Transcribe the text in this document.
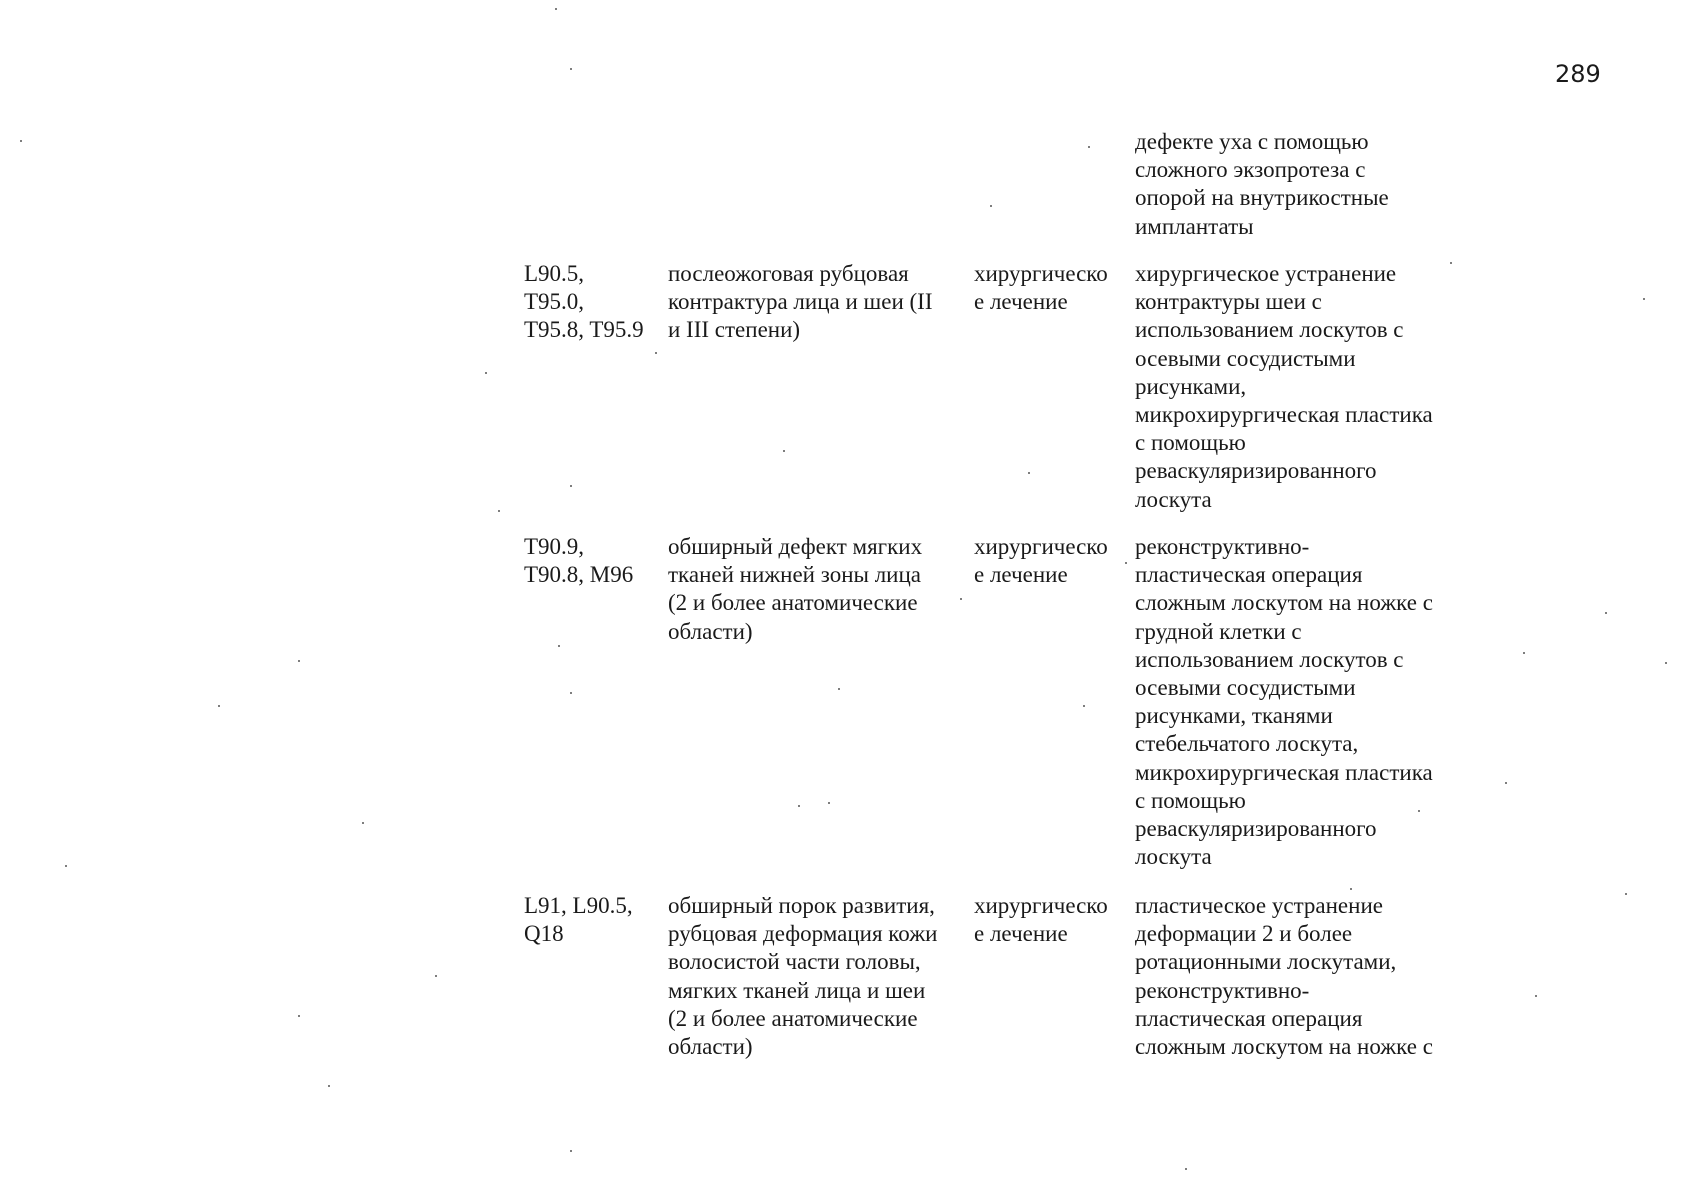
289
дефекте уха с помощью
сложного экзопротеза с
опорой на внутрикостные
имплантаты
L90.5,
T95.0,
T95.8, T95.9
послеожоговая рубцовая
контрактура лица и шеи (II
и III степени)
хирургическо
е лечение
хирургическое устранение
контрактуры шеи с
использованием лоскутов с
осевыми сосудистыми
рисунками,
микрохирургическая пластика
с помощью
реваскуляризированного
лоскута
T90.9,
T90.8, M96
обширный дефект мягких
тканей нижней зоны лица
(2 и более анатомические
области)
хирургическо
е лечение
реконструктивно-
пластическая операция
сложным лоскутом на ножке с
грудной клетки с
использованием лоскутов с
осевыми сосудистыми
рисунками, тканями
стебельчатого лоскута,
микрохирургическая пластика
с помощью
реваскуляризированного
лоскута
L91, L90.5,
Q18
обширный порок развития,
рубцовая деформация кожи
волосистой части головы,
мягких тканей лица и шеи
(2 и более анатомические
области)
хирургическо
е лечение
пластическое устранение
деформации 2 и более
ротационными лоскутами,
реконструктивно-
пластическая операция
сложным лоскутом на ножке с
